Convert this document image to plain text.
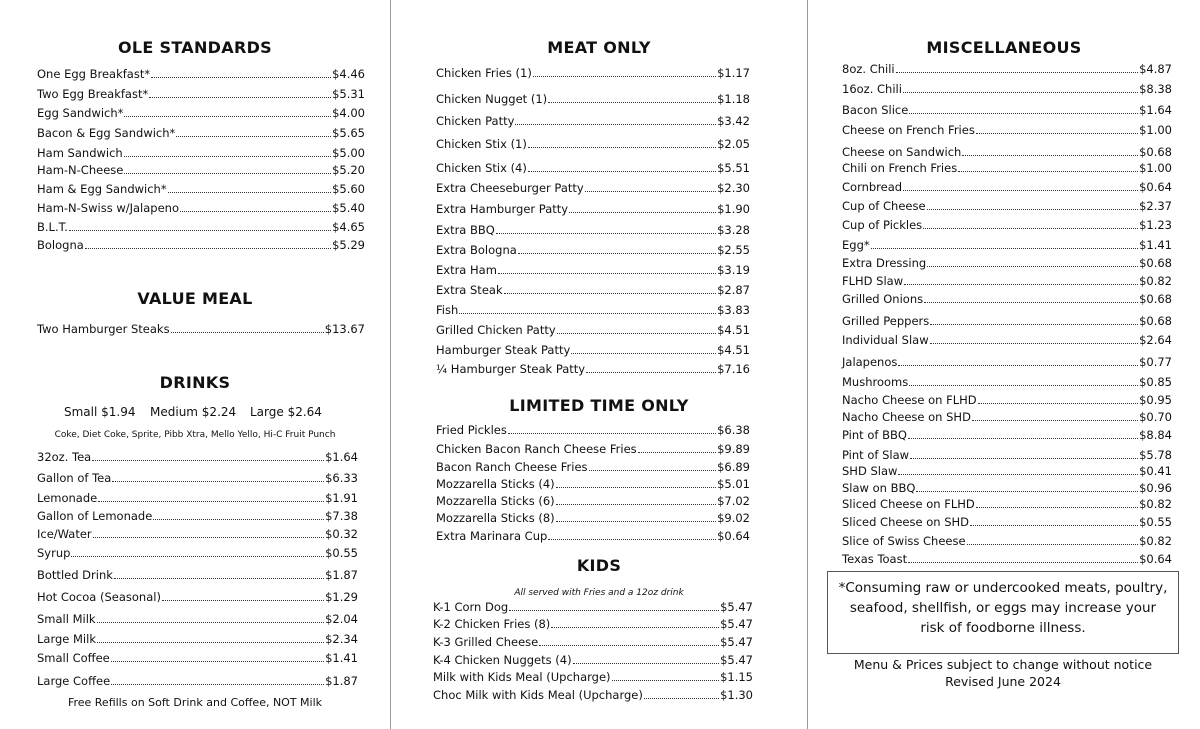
OLE STANDARDS
One Egg Breakfast*	$4.46
Two Egg Breakfast*	$5.31
Egg Sandwich*	$4.00
Bacon & Egg Sandwich*	$5.65
Ham Sandwich	$5.00
Ham-N-Cheese	$5.20
Ham & Egg Sandwich*	$5.60
Ham-N-Swiss w/Jalapeno	$5.40
B.L.T.	$4.65
Bologna	$5.29
VALUE MEAL
Two Hamburger Steaks	$13.67
DRINKS
Small $1.94 Medium $2.24 Large $2.64
Coke, Diet Coke, Sprite, Pibb Xtra, Mello Yello, Hi-C Fruit Punch
32oz. Tea	$1.64
Gallon of Tea	$6.33
Lemonade	$1.91
Gallon of Lemonade	$7.38
Ice/Water	$0.32
Syrup	$0.55
Bottled Drink	$1.87
Hot Cocoa (Seasonal)	$1.29
Small Milk	$2.04
Large Milk	$2.34
Small Coffee	$1.41
Large Coffee	$1.87
Free Refills on Soft Drink and Coffee, NOT Milk
MEAT ONLY
Chicken Fries (1)	$1.17
Chicken Nugget (1)	$1.18
Chicken Patty	$3.42
Chicken Stix (1)	$2.05
Chicken Stix (4)	$5.51
Extra Cheeseburger Patty	$2.30
Extra Hamburger Patty	$1.90
Extra BBQ	$3.28
Extra Bologna	$2.55
Extra Ham	$3.19
Extra Steak	$2.87
Fish	$3.83
Grilled Chicken Patty	$4.51
Hamburger Steak Patty	$4.51
¼ Hamburger Steak Patty	$7.16
LIMITED TIME ONLY
Fried Pickles	$6.38
Chicken Bacon Ranch Cheese Fries	$9.89
Bacon Ranch Cheese Fries	$6.89
Mozzarella Sticks (4)	$5.01
Mozzarella Sticks (6)	$7.02
Mozzarella Sticks (8)	$9.02
Extra Marinara Cup	$0.64
KIDS
All served with Fries and a 12oz drink
K-1 Corn Dog	$5.47
K-2 Chicken Fries (8)	$5.47
K-3 Grilled Cheese	$5.47
K-4 Chicken Nuggets (4)	$5.47
Milk with Kids Meal (Upcharge)	$1.15
Choc Milk with Kids Meal (Upcharge)	$1.30
MISCELLANEOUS
8oz. Chili	$4.87
16oz. Chili	$8.38
Bacon Slice	$1.64
Cheese on French Fries	$1.00
Cheese on Sandwich	$0.68
Chili on French Fries	$1.00
Cornbread	$0.64
Cup of Cheese	$2.37
Cup of Pickles	$1.23
Egg*	$1.41
Extra Dressing	$0.68
FLHD Slaw	$0.82
Grilled Onions	$0.68
Grilled Peppers	$0.68
Individual Slaw	$2.64
Jalapenos	$0.77
Mushrooms	$0.85
Nacho Cheese on FLHD	$0.95
Nacho Cheese on SHD	$0.70
Pint of BBQ	$8.84
Pint of Slaw	$5.78
SHD Slaw	$0.41
Slaw on BBQ	$0.96
Sliced Cheese on FLHD	$0.82
Sliced Cheese on SHD	$0.55
Slice of Swiss Cheese	$0.82
Texas Toast	$0.64
*Consuming raw or undercooked meats, poultry, seafood, shellfish, or eggs may increase your risk of foodborne illness.
Menu & Prices subject to change without notice
Revised June 2024
